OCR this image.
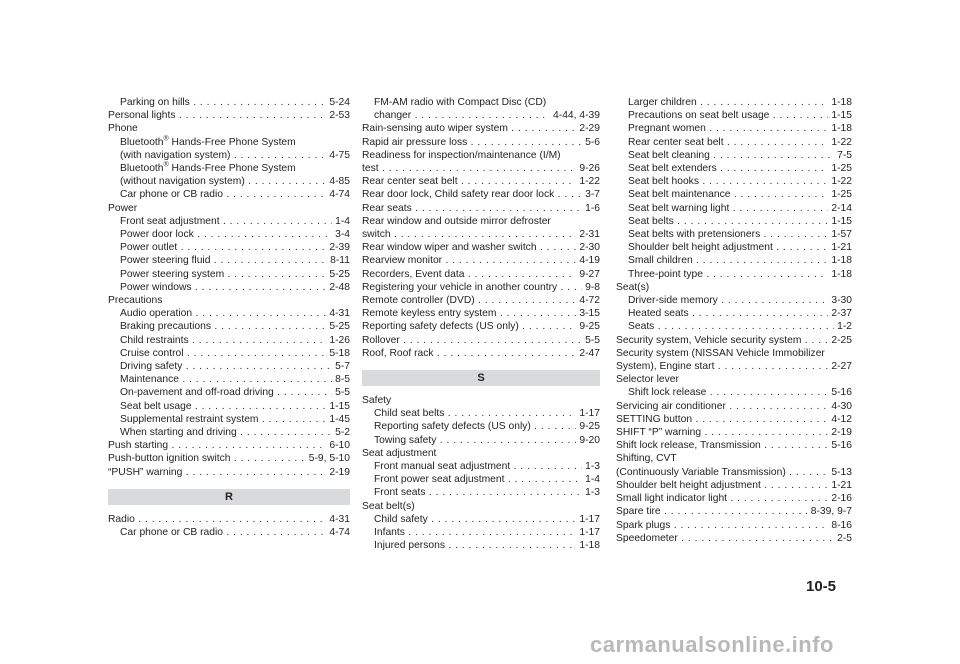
Parking on hills . . .	5-24
Personal lights . . .	2-53
Phone
Bluetooth® Hands-Free Phone System
(with navigation system) . . .	4-75
Bluetooth® Hands-Free Phone System
(without navigation system) . . .	4-85
Car phone or CB radio . . .	4-74
Power
Front seat adjustment . . .	1-4
Power door lock . . .	3-4
Power outlet . . .	2-39
Power steering fluid . . .	8-11
Power steering system . . .	5-25
Power windows . . .	2-48
Precautions
Audio operation . . .	4-31
Braking precautions . . .	5-25
Child restraints . . .	1-26
Cruise control . . .	5-18
Driving safety . . .	5-7
Maintenance . . .	8-5
On-pavement and off-road driving . . .	5-5
Seat belt usage . . .	1-15
Supplemental restraint system . . .	1-45
When starting and driving . . .	5-2
Push starting . . .	6-10
Push-button ignition switch . . .	5-9, 5-10
“PUSH” warning . . .	2-19
R
Radio . . .	4-31
Car phone or CB radio . . .	4-74
FM-AM radio with Compact Disc (CD)
changer . . .	4-44, 4-39
Rain-sensing auto wiper system . . .	2-29
Rapid air pressure loss . . .	5-6
Readiness for inspection/maintenance (I/M)
test . . .	9-26
Rear center seat belt . . .	1-22
Rear door lock, Child safety rear door lock . . .	3-7
Rear seats . . .	1-6
Rear window and outside mirror defroster
switch . . .	2-31
Rear window wiper and washer switch . . .	2-30
Rearview monitor . . .	4-19
Recorders, Event data . . .	9-27
Registering your vehicle in another country . . .	9-8
Remote controller (DVD) . . .	4-72
Remote keyless entry system . . .	3-15
Reporting safety defects (US only) . . .	9-25
Rollover . . .	5-5
Roof, Roof rack . . .	2-47
S
Safety
Child seat belts . . .	1-17
Reporting safety defects (US only) . . .	9-25
Towing safety . . .	9-20
Seat adjustment
Front manual seat adjustment . . .	1-3
Front power seat adjustment . . .	1-4
Front seats . . .	1-3
Seat belt(s)
Child safety . . .	1-17
Infants . . .	1-17
Injured persons . . .	1-18
Larger children . . .	1-18
Precautions on seat belt usage . . .	1-15
Pregnant women . . .	1-18
Rear center seat belt . . .	1-22
Seat belt cleaning . . .	7-5
Seat belt extenders . . .	1-25
Seat belt hooks . . .	1-22
Seat belt maintenance . . .	1-25
Seat belt warning light . . .	2-14
Seat belts . . .	1-15
Seat belts with pretensioners . . .	1-57
Shoulder belt height adjustment . . .	1-21
Small children . . .	1-18
Three-point type . . .	1-18
Seat(s)
Driver-side memory . . .	3-30
Heated seats . . .	2-37
Seats . . .	1-2
Security system, Vehicle security system . . .	2-25
Security system (NISSAN Vehicle Immobilizer
System), Engine start . . .	2-27
Selector lever
Shift lock release . . .	5-16
Servicing air conditioner . . .	4-30
SETTING button . . .	4-12
SHIFT “P” warning . . .	2-19
Shift lock release, Transmission . . .	5-16
Shifting, CVT
(Continuously Variable Transmission) . . .	5-13
Shoulder belt height adjustment . . .	1-21
Small light indicator light . . .	2-16
Spare tire . . .	8-39, 9-7
Spark plugs . . .	8-16
Speedometer . . .	2-5
10-5
carmanualsonline.info
